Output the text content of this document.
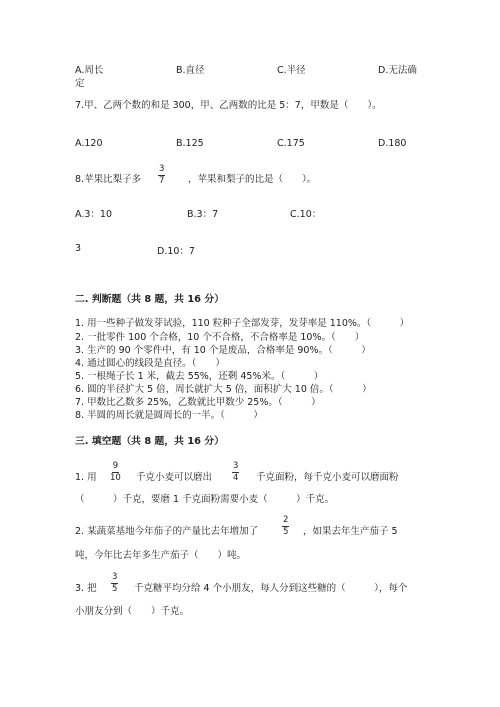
A.周长
定
B.直径	C.半径	D.无法确
7.甲、乙两个数的和是 300，甲、乙两数的比是 5：7，甲数是（　　）。
A.120	B.125	C.175	D.180
8.苹果比梨子多 $\frac{3}{7}$ ，苹果和梨子的比是（　　）。
A.3：10	B.3：7	C.10：
3	D.10：7
二. 判断题（共 8 题，共 16 分）
1. 用一些种子做发芽试验，110 粒种子全部发芽，发芽率是 110%。（　　　）
2. 一批零件 100 个合格，10 个不合格，不合格率是 10%。（　　）
3. 生产的 90 个零件中，有 10 个是废品，合格率是 90%。（　　　）
4. 通过圆心的线段是直径。（　　）
5. 一根绳子长 1 米，截去 55%，还剩 45%米。（　　　）
6. 圆的半径扩大 5 倍，周长就扩大 5 倍，面积扩大 10 倍。（　　　）
7. 甲数比乙数多 25%，乙数就比甲数少 25%。（　　　）
8. 半圆的周长就是圆周长的一半。（　　　）
三. 填空题（共 8 题，共 16 分）
1. 用 $\frac{9}{10}$ 千克小麦可以磨出 $\frac{3}{4}$ 千克面粉，每千克小麦可以磨面粉
（　　　）千克，要磨 1 千克面粉需要小麦（　　　）千克。
2. 某蔬菜基地今年茄子的产量比去年增加了	$\frac{2}{5}$ ，如果去年生产茄子 5
吨，今年比去年多生产茄子（　　）吨。
3. 把 $\frac{3}{5}$ 千克糖平均分给 4 个小朋友，每人分到这些糖的（　　　），每个
小朋友分到（　　）千克。
